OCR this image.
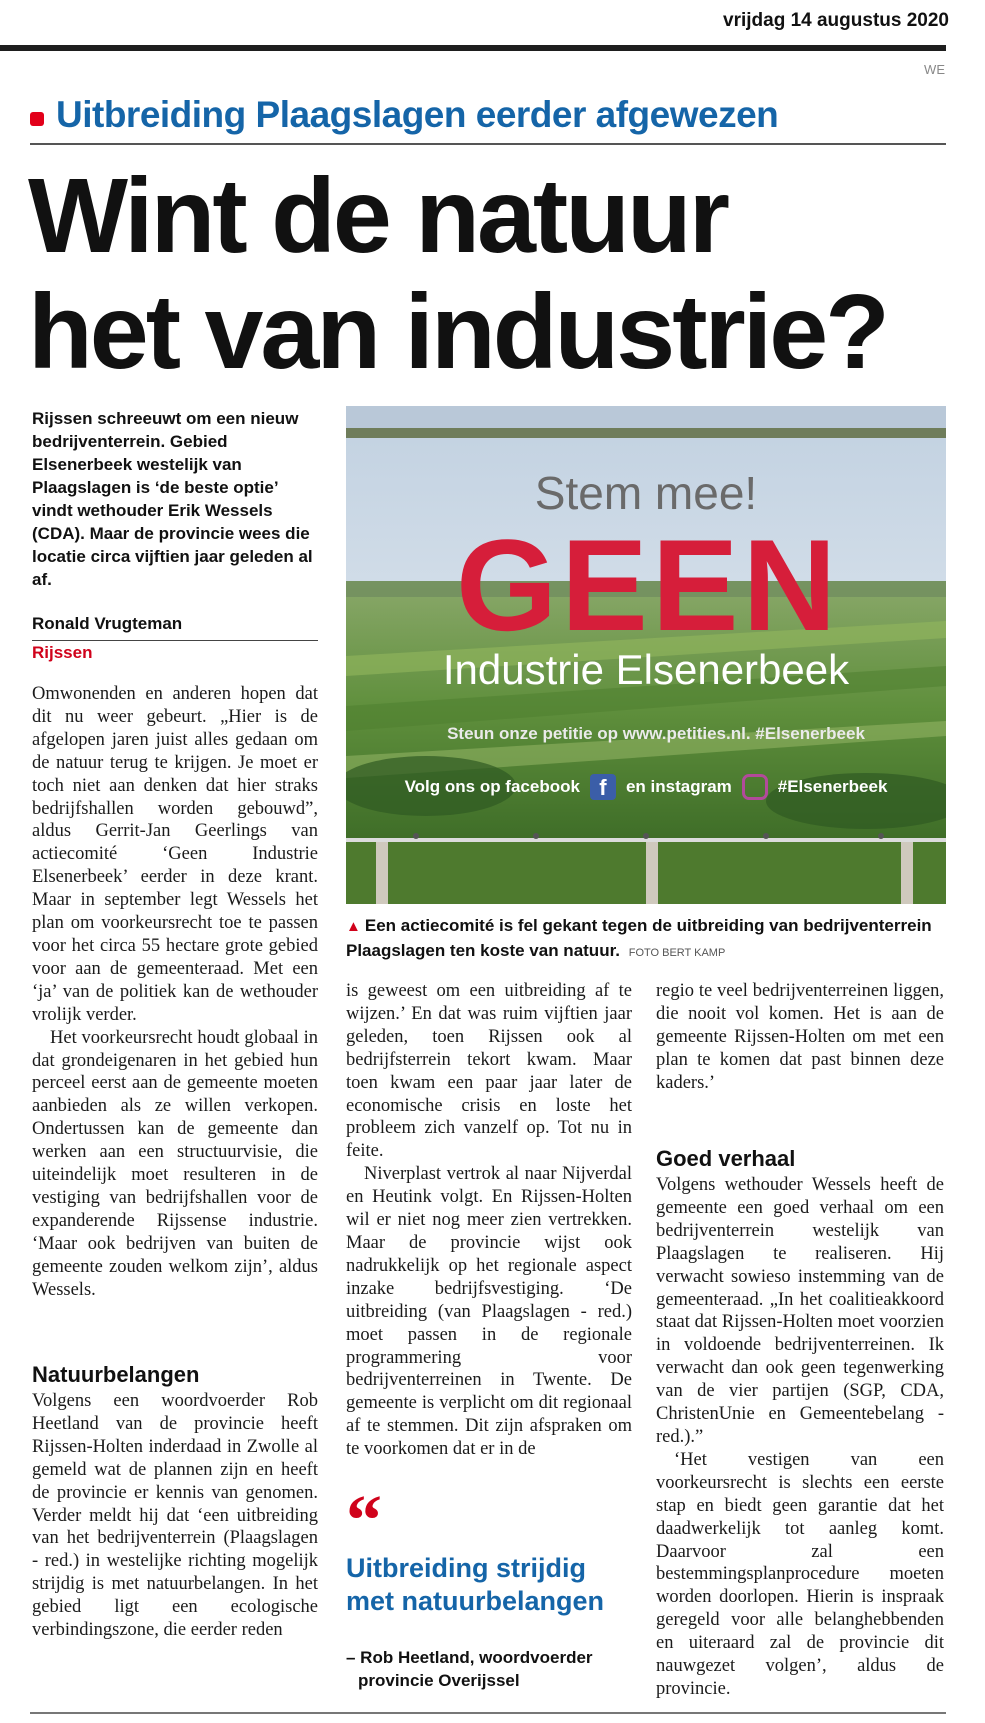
vrijdag 14 augustus 2020
WE
Uitbreiding Plaagslagen eerder afgewezen
Wint de natuur
het van industrie?

Rijssen schreeuwt om een nieuw bedrijventerrein. Gebied Elsenerbeek westelijk van Plaagslagen is ‘de beste optie’ vindt wethouder Erik Wessels (CDA). Maar de provincie wees die locatie circa vijftien jaar geleden al af.

Ronald Vrugteman
Rijssen
Stem mee!
GEEN
Industrie Elsenerbeek
Steun onze petitie op www.petities.nl. #Elsenerbeek
Volg ons op facebook f	en instagram	#Elsenerbeek

▲ Een actiecomité is fel gekant tegen de uitbreiding van bedrijventerrein Plaagslagen ten koste van natuur. FOTO BERT KAMP

Omwonenden en anderen hopen dat dit nu weer gebeurt. „Hier is de afgelopen jaren juist alles gedaan om de natuur terug te krijgen. Je moet er toch niet aan denken dat hier straks bedrijfshallen worden gebouwd”, aldus Gerrit-Jan Geerlings van actiecomité ‘Geen Industrie Elsenerbeek’ eerder in deze krant. Maar in september legt Wessels het plan om voorkeursrecht toe te passen voor het circa 55 hectare grote gebied voor aan de gemeenteraad. Met een ‘ja’ van de politiek kan de wethouder vrolijk verder.

Het voorkeursrecht houdt globaal in dat grondeigenaren in het gebied hun perceel eerst aan de gemeente moeten aanbieden als ze willen verkopen. Ondertussen kan de gemeente dan werken aan een structuurvisie, die uiteindelijk moet resulteren in de vestiging van bedrijfshallen voor de expanderende Rijssense industrie. ‘Maar ook bedrijven van buiten de gemeente zouden welkom zijn’, aldus Wessels.

Natuurbelangen

Volgens een woordvoerder Rob Heetland van de provincie heeft Rijssen-Holten inderdaad in Zwolle al gemeld wat de plannen zijn en heeft de provincie er kennis van genomen. Verder meldt hij dat ‘een uitbreiding van het bedrijventerrein (Plaagslagen - red.) in westelijke richting mogelijk strijdig is met natuurbelangen. In het gebied ligt een ecologische verbindingszone, die eerder reden

is geweest om een uitbreiding af te wijzen.’ En dat was ruim vijftien jaar geleden, toen Rijssen ook al bedrijfsterrein tekort kwam. Maar toen kwam een paar jaar later de economische crisis en loste het probleem zich vanzelf op. Tot nu in feite.

Niverplast vertrok al naar Nijverdal en Heutink volgt. En Rijssen-Holten wil er niet nog meer zien vertrekken. Maar de provincie wijst ook nadrukkelijk op het regionale aspect inzake bedrijfsvestiging. ‘De uitbreiding (van Plaagslagen - red.) moet passen in de regionale programmering voor bedrijventerreinen in Twente. De gemeente is verplicht om dit regionaal af te stemmen. Dit zijn afspraken om te voorkomen dat er in de

regio te veel bedrijventerreinen liggen, die nooit vol komen. Het is aan de gemeente Rijssen-Holten om met een plan te komen dat past binnen deze kaders.’

Goed verhaal

Volgens wethouder Wessels heeft de gemeente een goed verhaal om een bedrijventerrein westelijk van Plaagslagen te realiseren. Hij verwacht sowieso instemming van de gemeenteraad. „In het coalitieakkoord staat dat Rijssen-Holten moet voorzien in voldoende bedrijventerreinen. Ik verwacht dan ook geen tegenwerking van de vier partijen (SGP, CDA, ChristenUnie en Gemeentebelang - red.).”

‘Het vestigen van een voorkeursrecht is slechts een eerste stap en biedt geen garantie dat het daadwerkelijk tot aanleg komt. Daarvoor zal een bestemmingsplanprocedure moeten worden doorlopen. Hierin is inspraak geregeld voor alle belanghebbenden en uiteraard zal de provincie dit nauwgezet volgen’, aldus de provincie.

“
Uitbreiding strijdig met natuurbelangen
– Rob Heetland, woordvoerder
provincie Overijssel
